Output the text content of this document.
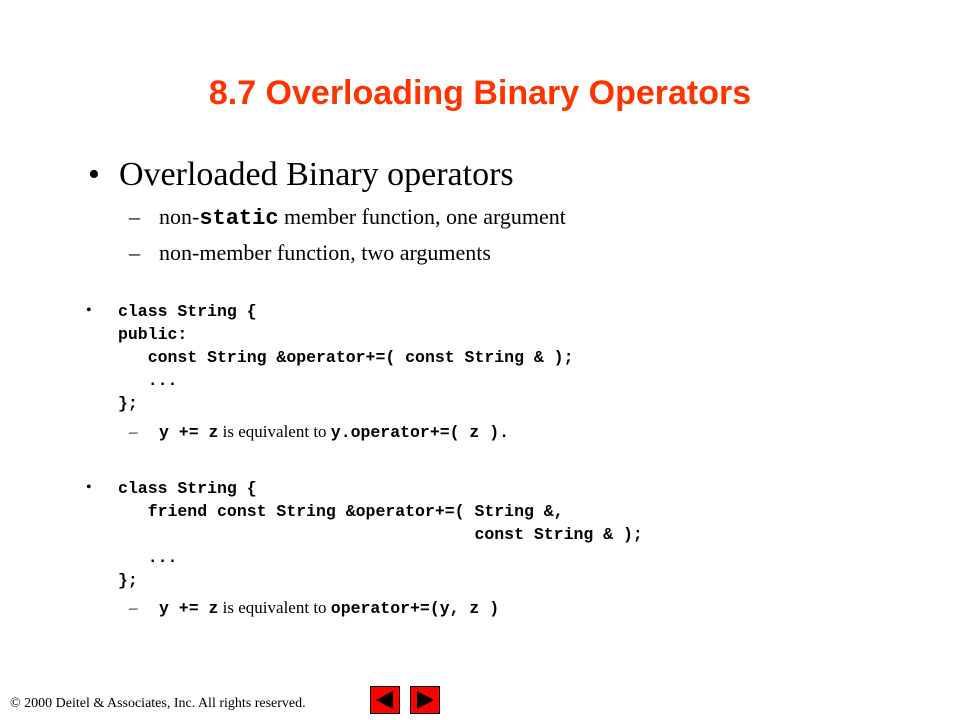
8.7 Overloading Binary Operators
• Overloaded Binary operators
– non-static member function, one argument
– non-member function, two arguments
• class String {
public:
const String &operator+=( const String & );
...
};
– y += z is equivalent to y.operator+=( z ).
• class String {
friend const String &operator+=( String &,
const String & );
...
};
– y += z is equivalent to operator+=(y, z )
© 2000 Deitel & Associates, Inc. All rights reserved.
